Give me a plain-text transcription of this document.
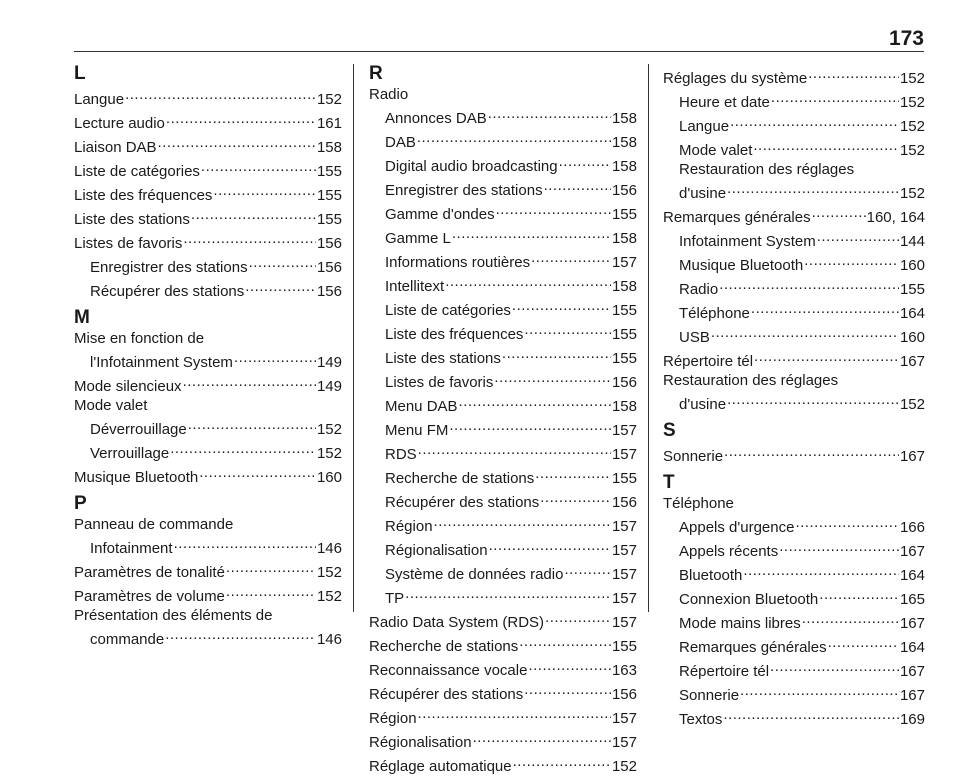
173
L
Langue .....	152
Lecture audio .....	161
Liaison DAB .....	158
Liste de catégories .....	155
Liste des fréquences .....	155
Liste des stations .....	155
Listes de favoris .....	156
Enregistrer des stations .....	156
Récupérer des stations .....	156
M
Mise en fonction de
l'Infotainment System .....	149
Mode silencieux .....	149
Mode valet
Déverrouillage .....	152
Verrouillage .....	152
Musique Bluetooth .....	160
P
Panneau de commande
Infotainment .....	146
Paramètres de tonalité .....	152
Paramètres de volume .....	152
Présentation des éléments de
commande .....	146
R
Radio
Annonces DAB .....	158
DAB .....	158
Digital audio broadcasting .....	158
Enregistrer des stations .....	156
Gamme d'ondes .....	155
Gamme L .....	158
Informations routières .....	157
Intellitext .....	158
Liste de catégories .....	155
Liste des fréquences .....	155
Liste des stations .....	155
Listes de favoris .....	156
Menu DAB .....	158
Menu FM .....	157
RDS .....	157
Recherche de stations .....	155
Récupérer des stations .....	156
Région .....	157
Régionalisation .....	157
Système de données radio .....	157
TP .....	157
Radio Data System (RDS) .....	157
Recherche de stations .....	155
Reconnaissance vocale .....	163
Récupérer des stations .....	156
Région .....	157
Régionalisation .....	157
Réglage automatique .....	152
Réglages du système .....	152
Heure et date .....	152
Langue .....	152
Mode valet .....	152
Restauration des réglages
d'usine .....	152
Remarques générales .....	160, 164
Infotainment System .....	144
Musique Bluetooth .....	160
Radio .....	155
Téléphone .....	164
USB .....	160
Répertoire tél .....	167
Restauration des réglages
d'usine .....	152
S
Sonnerie .....	167
T
Téléphone
Appels d'urgence .....	166
Appels récents .....	167
Bluetooth .....	164
Connexion Bluetooth .....	165
Mode mains libres .....	167
Remarques générales .....	164
Répertoire tél .....	167
Sonnerie .....	167
Textos .....	169
